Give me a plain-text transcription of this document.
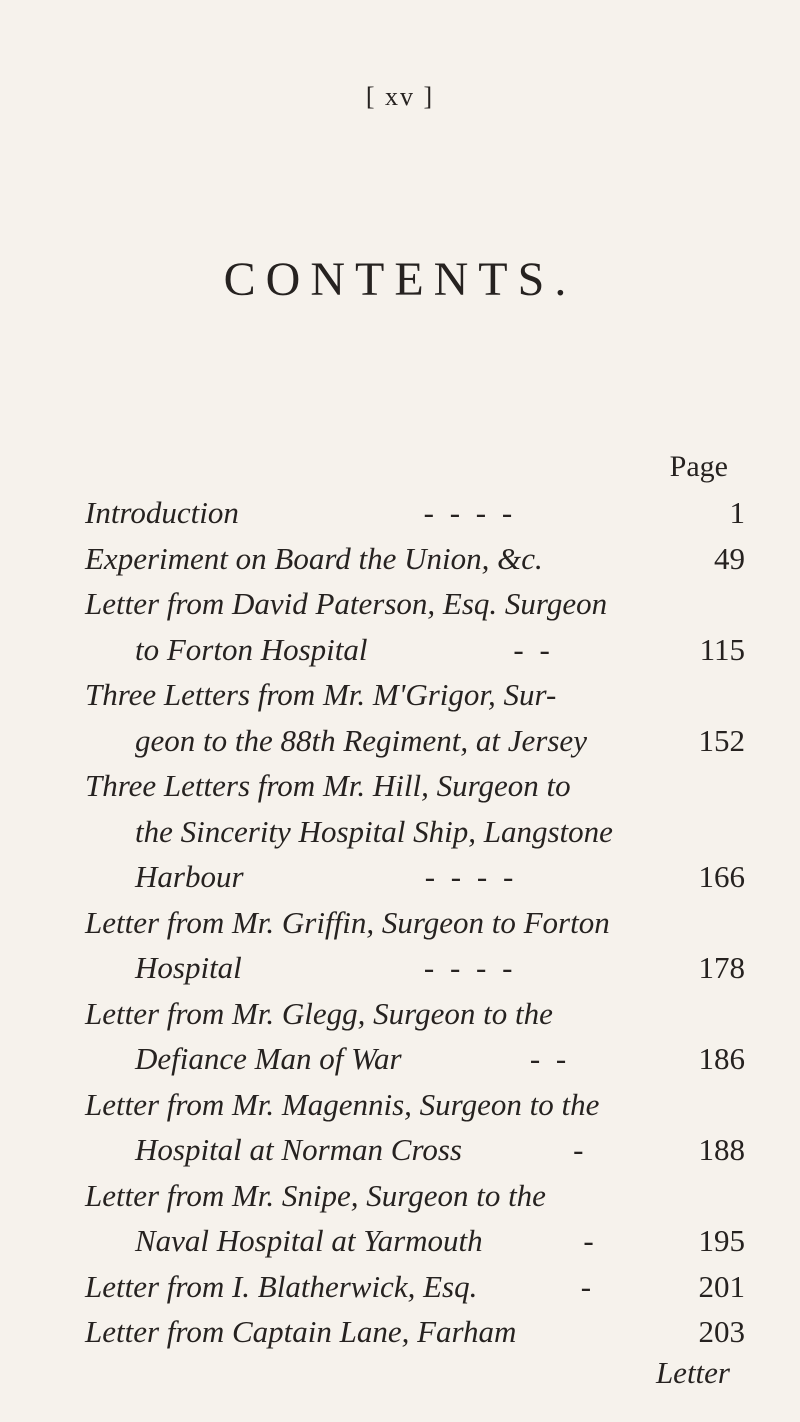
[ xv ]
CONTENTS.
Page
Introduction	- - - -	1
Experiment on Board the Union, &c.	49
Letter from David Paterson, Esq. Surgeon
to Forton Hospital	- -	115
Three Letters from Mr. M'Grigor, Sur-
geon to the 88th Regiment, at Jersey	152
Three Letters from Mr. Hill, Surgeon to
the Sincerity Hospital Ship, Langstone
Harbour	- - - -	166
Letter from Mr. Griffin, Surgeon to Forton
Hospital	- - - -	178
Letter from Mr. Glegg, Surgeon to the
Defiance Man of War	- -	186
Letter from Mr. Magennis, Surgeon to the
Hospital at Norman Cross	-	188
Letter from Mr. Snipe, Surgeon to the
Naval Hospital at Yarmouth	-	195
Letter from I. Blatherwick, Esq.	-	201
Letter from Captain Lane, Farham	203
Letter
